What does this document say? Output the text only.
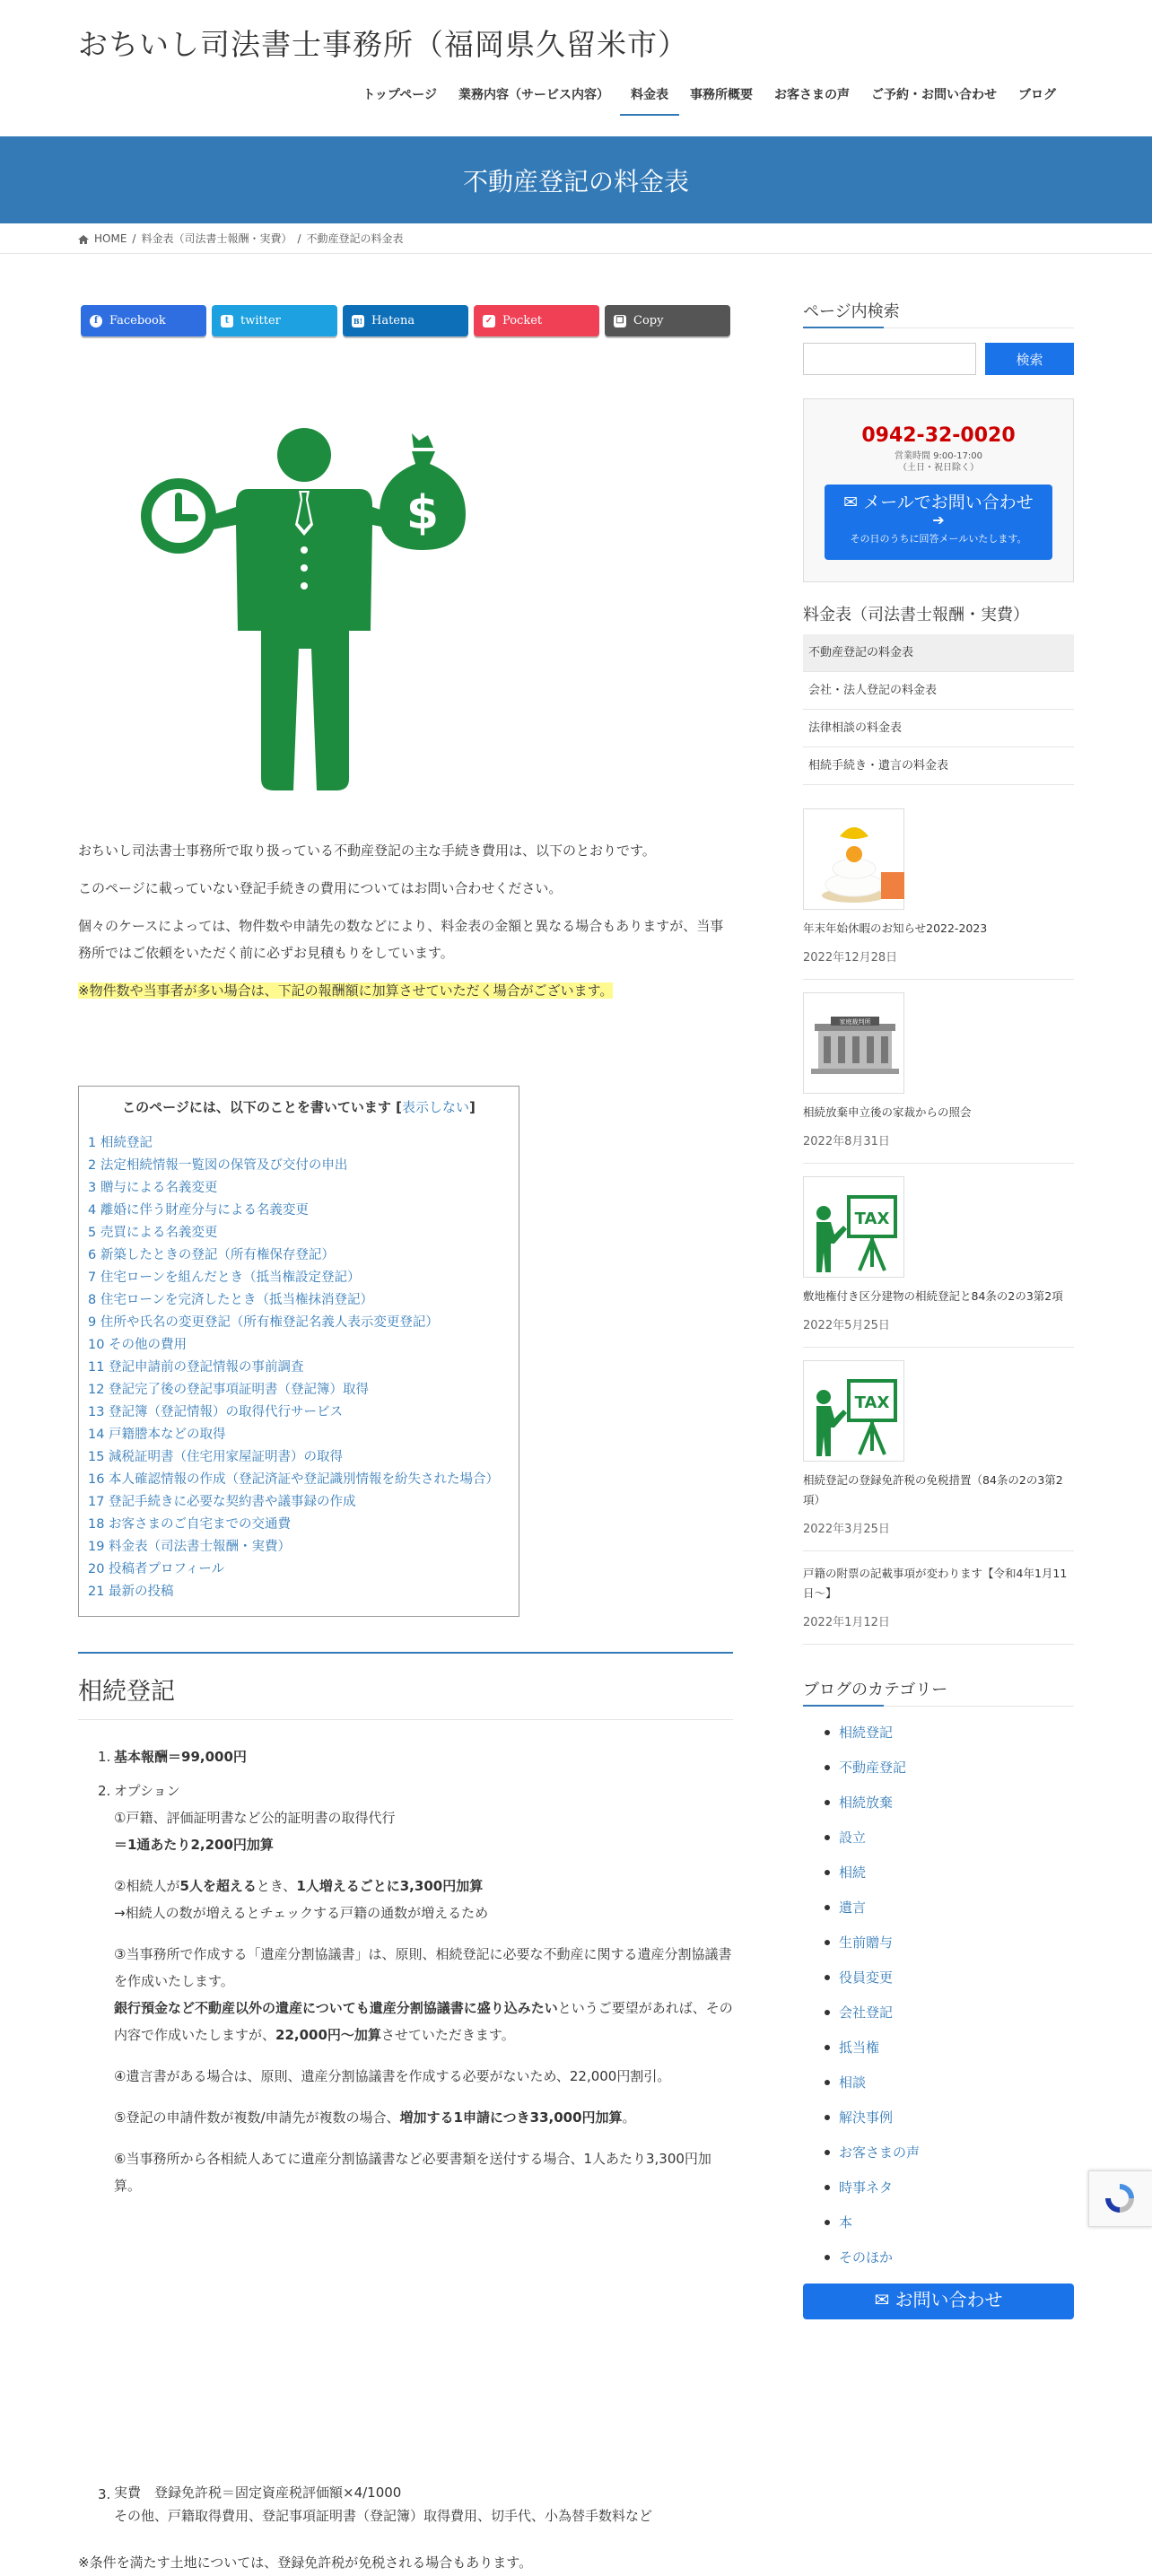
おちいし司法書士事務所（福岡県久留米市）
トップページ	業務内容（サービス内容）	料金表	事務所概要	お客さまの声	ご予約・お問い合わせ	ブログ
不動産登記の料金表
HOME / 料金表（司法書士報酬・実費） / 不動産登記の料金表
f Facebook	t twitter	B! Hatena	✓ Pocket	❐ Copy
$

おちいし司法書士事務所で取り扱っている不動産登記の主な手続き費用は、以下のとおりです。

このページに載っていない登記手続きの費用についてはお問い合わせください。

個々のケースによっては、物件数や申請先の数などにより、料金表の金額と異なる場合もありますが、当事務所ではご依頼をいただく前に必ずお見積もりをしています。

※物件数や当事者が多い場合は、下記の報酬額に加算させていただく場合がございます。

このページには、以下のことを書いています [表示しない]
1 相続登記
2 法定相続情報一覧図の保管及び交付の申出
3 贈与による名義変更
4 離婚に伴う財産分与による名義変更
5 売買による名義変更
6 新築したときの登記（所有権保存登記）
7 住宅ローンを組んだとき（抵当権設定登記）
8 住宅ローンを完済したとき（抵当権抹消登記）
9 住所や氏名の変更登記（所有権登記名義人表示変更登記）
10 その他の費用
11 登記申請前の登記情報の事前調査
12 登記完了後の登記事項証明書（登記簿）取得
13 登記簿（登記情報）の取得代行サービス
14 戸籍謄本などの取得
15 減税証明書（住宅用家屋証明書）の取得
16 本人確認情報の作成（登記済証や登記識別情報を紛失された場合）
17 登記手続きに必要な契約書や議事録の作成
18 お客さまのご自宅までの交通費
19 料金表（司法書士報酬・実費）
20 投稿者プロフィール
21 最新の投稿
相続登記
1. 基本報酬＝99,000円
2. オプション
①戸籍、評価証明書など公的証明書の取得代行
＝1通あたり2,200円加算
②相続人が5人を超えるとき、1人増えるごとに3,300円加算
→相続人の数が増えるとチェックする戸籍の通数が増えるため
③当事務所で作成する「遺産分割協議書」は、原則、相続登記に必要な不動産に関する遺産分割協議書を作成いたします。
銀行預金など不動産以外の遺産についても遺産分割協議書に盛り込みたいというご要望があれば、その内容で作成いたしますが、22,000円～加算させていただきます。
④遺言書がある場合は、原則、遺産分割協議書を作成する必要がないため、22,000円割引。
⑤登記の申請件数が複数/申請先が複数の場合、増加する1申請につき33,000円加算。
⑥当事務所から各相続人あてに遺産分割協議書など必要書類を送付する場合、1人あたり3,300円加算。
3. 実費　登録免許税＝固定資産税評価額×4/1000
その他、戸籍取得費用、登記事項証明書（登記簿）取得費用、切手代、小為替手数料など
※条件を満たす土地については、登録免許税が免税される場合もあります。
ページ内検索
検索
0942-32-0020
営業時間 9:00-17:00
（土日・祝日除く）
✉ メールでお問い合わせ
➔
その日のうちに回答メールいたします。
料金表（司法書士報酬・実費）
不動産登記の料金表
会社・法人登記の料金表
法律相談の料金表
相続手続き・遺言の料金表
年末年始休暇のお知らせ2022-2023
2022年12月28日
家庭裁判所
相続放棄申立後の家裁からの照会
2022年8月31日
TAX
敷地権付き区分建物の相続登記と84条の2の3第2項
2022年5月25日
TAX
相続登記の登録免許税の免税措置（84条の2の3第2項）
2022年3月25日
戸籍の附票の記載事項が変わります【令和4年1月11日～】
2022年1月12日
ブログのカテゴリー
相続登記
不動産登記
相続放棄
設立
相続
遺言
生前贈与
役員変更
会社登記
抵当権
相談
解決事例
お客さまの声
時事ネタ
本
そのほか
✉ お問い合わせ
